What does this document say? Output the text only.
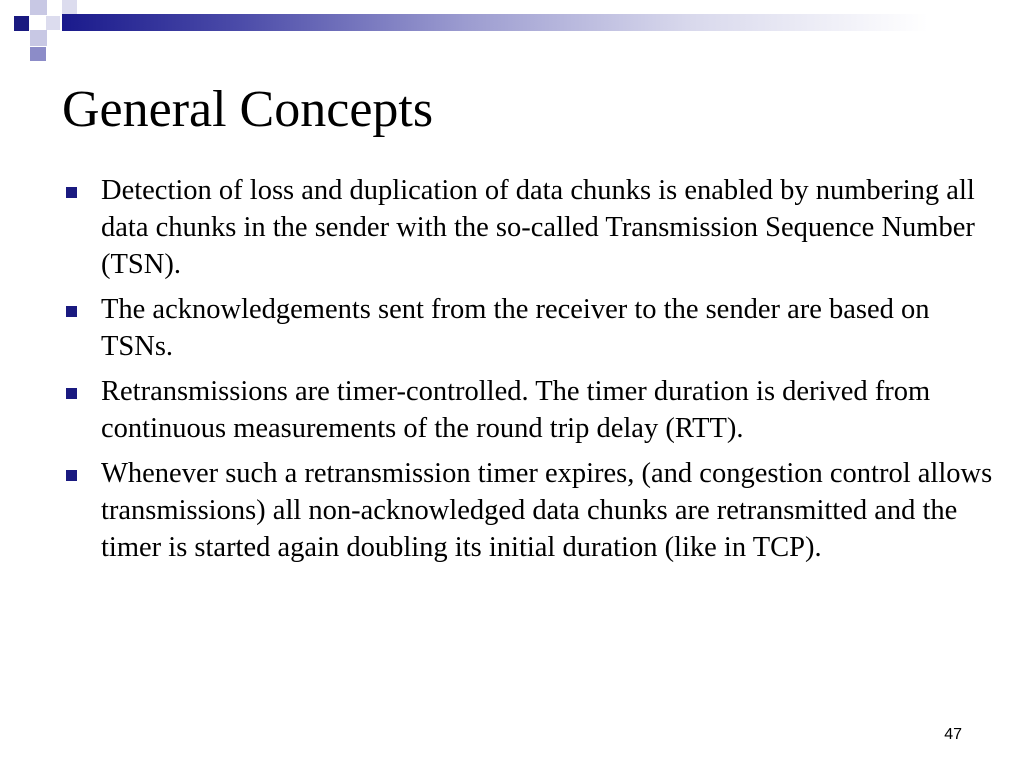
General Concepts
Detection of loss and duplication of data chunks is enabled by numbering all data chunks in the sender with the so-called Transmission Sequence Number (TSN).
The acknowledgements sent from the receiver to the sender are based on TSNs.
Retransmissions are timer-controlled. The timer duration is derived from continuous measurements of the round trip delay (RTT).
Whenever such a retransmission timer expires, (and congestion control allows transmissions) all non-acknowledged data chunks are retransmitted and the timer is started again doubling its initial duration (like in TCP).
47
